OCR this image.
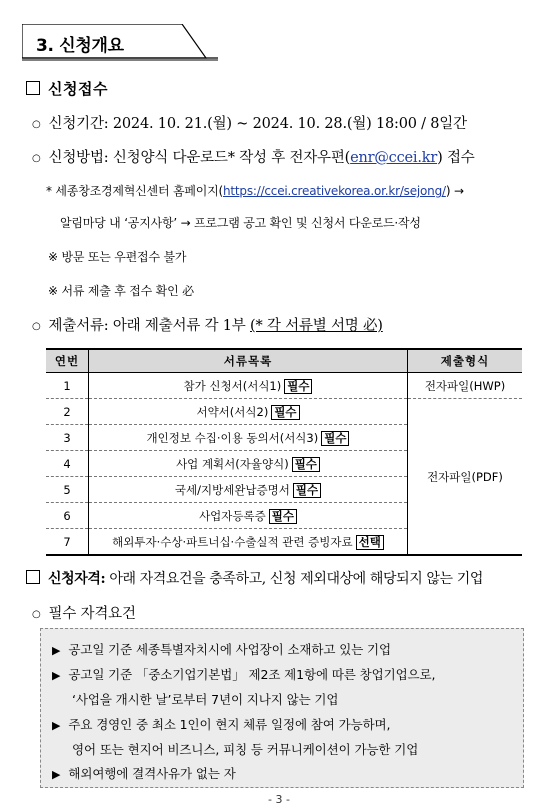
3. 신청개요
신청접수
○ 신청기간: 2024. 10. 21.(월) ~ 2024. 10. 28.(월) 18:00 / 8일간
○ 신청방법: 신청양식 다운로드* 작성 후 전자우편(enr@ccei.kr) 접수
* 세종창조경제혁신센터 홈페이지(https://ccei.creativekorea.or.kr/sejong/) →
알림마당 내 ‘공지사항’ → 프로그램 공고 확인 및 신청서 다운로드·작성
※ 방문 또는 우편접수 불가
※ 서류 제출 후 접수 확인 必
○ 제출서류: 아래 제출서류 각 1부 (* 각 서류별 서명 必)
연번	서류목록	제출형식
1	참가 신청서(서식1) 필수	전자파일(HWP)
2	서약서(서식2) 필수	전자파일(PDF)
3	개인정보 수집·이용 동의서(서식3) 필수	
4	사업 계획서(자율양식) 필수	
5	국세/지방세완납증명서 필수	
6	사업자등록증 필수	
7	해외투자·수상·파트너십·수출실적 관련 증빙자료 선택	
신청자격: 아래 자격요건을 충족하고, 신청 제외대상에 해당되지 않는 기업
○ 필수 자격요건
▶ 공고일 기준 세종특별자치시에 사업장이 소재하고 있는 기업
▶ 공고일 기준 「중소기업기본법」 제2조 제1항에 따른 창업기업으로,
‘사업을 개시한 날’로부터 7년이 지나지 않는 기업
▶ 주요 경영인 중 최소 1인이 현지 체류 일정에 참여 가능하며,
영어 또는 현지어 비즈니스, 피칭 등 커뮤니케이션이 가능한 기업
▶ 해외여행에 결격사유가 없는 자
- 3 -
